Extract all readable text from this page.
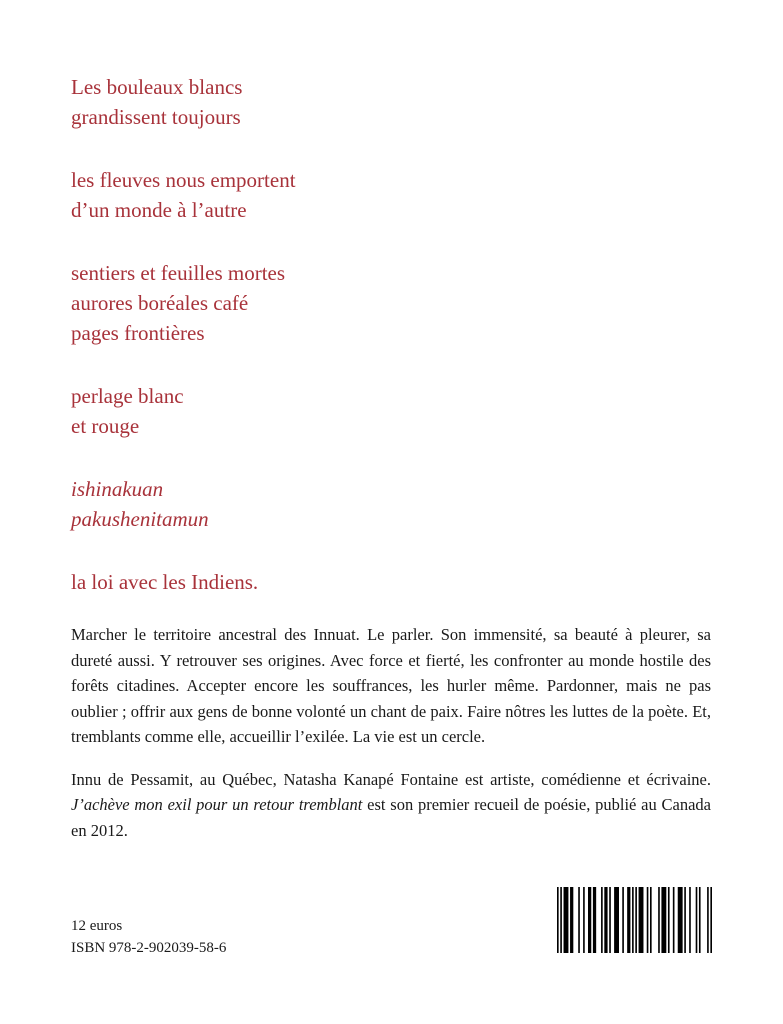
Les bouleaux blancs
grandissent toujours
les fleuves nous emportent
d’un monde à l’autre
sentiers et feuilles mortes
aurores boréales café
pages frontières
perlage blanc
et rouge
ishinakuan
pakushenitamun
la loi avec les Indiens.

Marcher le territoire ancestral des Innuat. Le parler. Son immensité, sa beauté à pleurer, sa dureté aussi. Y retrouver ses origines. Avec force et fierté, les confronter au monde hostile des forêts citadines. Accepter encore les souffrances, les hurler même. Pardonner, mais ne pas oublier ; offrir aux gens de bonne volonté un chant de paix. Faire nôtres les luttes de la poète. Et, tremblants comme elle, accueillir l’exilée. La vie est un cercle.

Innu de Pessamit, au Québec, Natasha Kanapé Fontaine est artiste, comédienne et écrivaine. J’achève mon exil pour un retour tremblant est son premier recueil de poésie, publié au Canada en 2012.

12 euros
ISBN 978-2-902039-58-6
